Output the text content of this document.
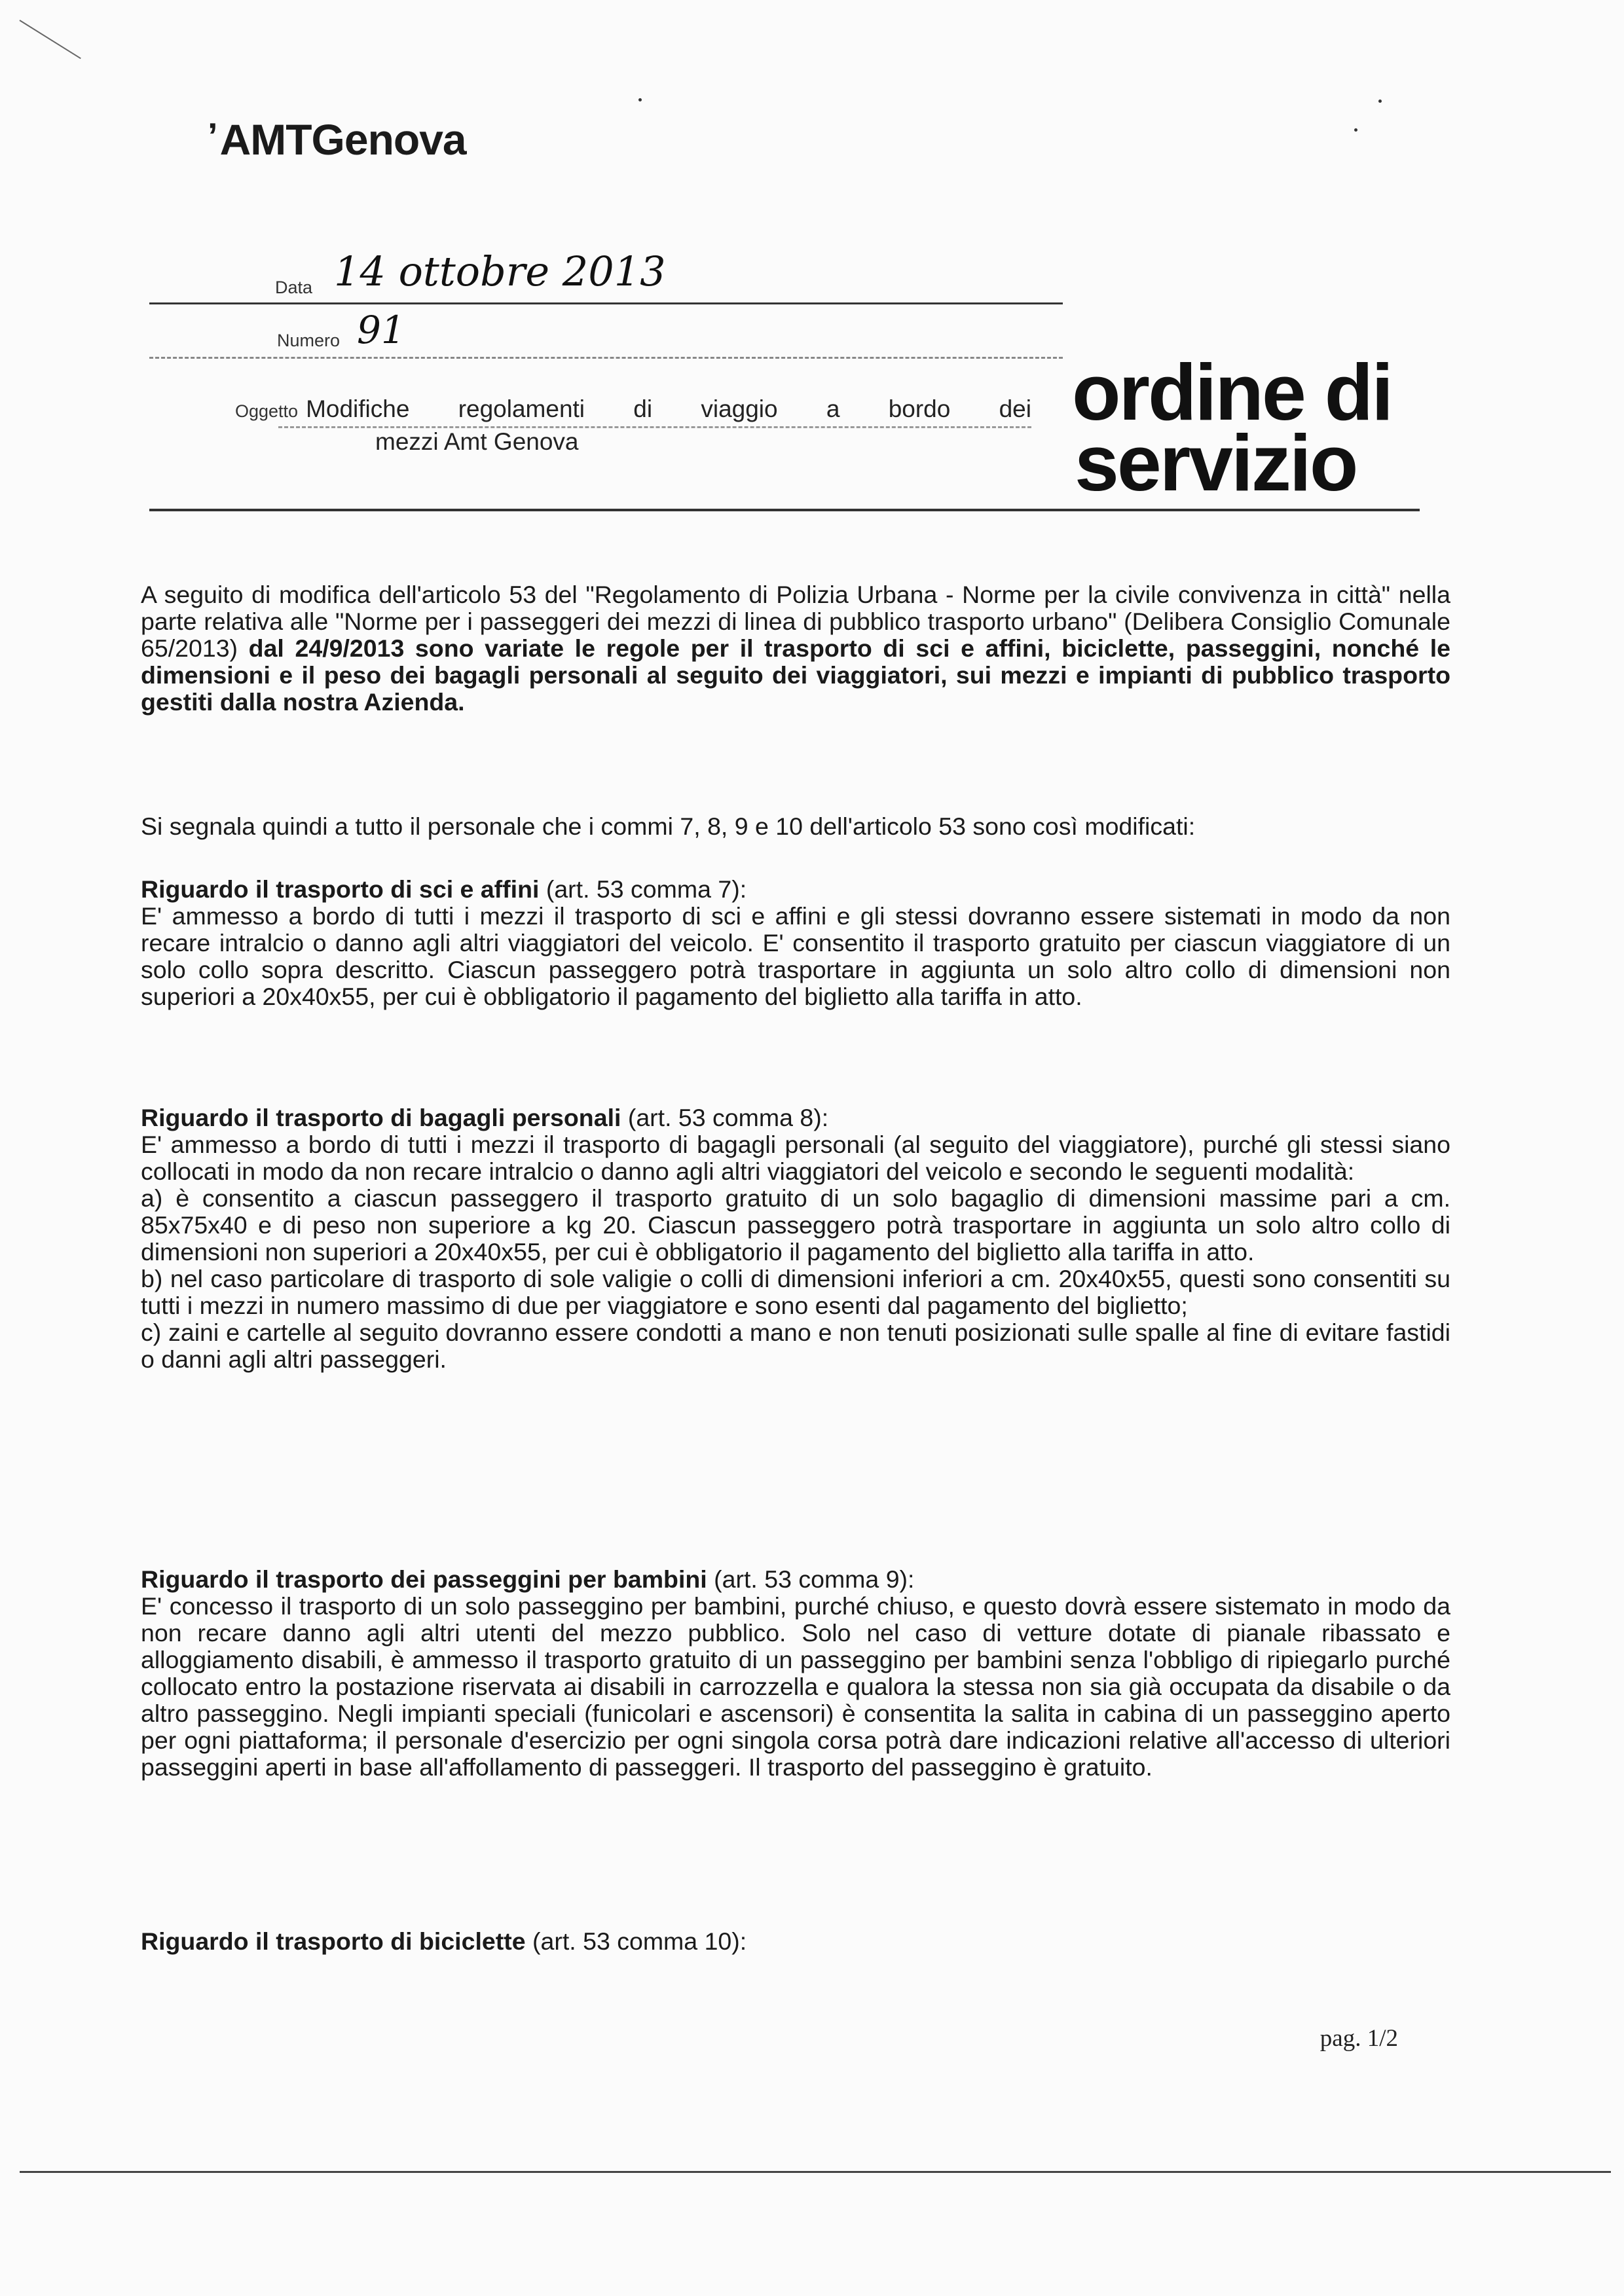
$^ʼ$AMTGenova
Data 14 ottobre 2013
Numero 91
Oggetto Modifiche regolamenti di viaggio a bordo dei
mezzi Amt Genova
ordine di
servizio

A seguito di modifica dell'articolo 53 del "Regolamento di Polizia Urbana - Norme per la civile convivenza in città" nella parte relativa alle "Norme per i passeggeri dei mezzi di linea di pubblico trasporto urbano" (Delibera Consiglio Comunale 65/2013) dal 24/9/2013 sono variate le regole per il trasporto di sci e affini, biciclette, passeggini, nonché le dimensioni e il peso dei bagagli personali al seguito dei viaggiatori, sui mezzi e impianti di pubblico trasporto gestiti dalla nostra Azienda.

Si segnala quindi a tutto il personale che i commi 7, 8, 9 e 10 dell'articolo 53 sono così modificati:

Riguardo il trasporto di sci e affini (art. 53 comma 7):

E' ammesso a bordo di tutti i mezzi il trasporto di sci e affini e gli stessi dovranno essere sistemati in modo da non recare intralcio o danno agli altri viaggiatori del veicolo. E' consentito il trasporto gratuito per ciascun viaggiatore di un solo collo sopra descritto. Ciascun passeggero potrà trasportare in aggiunta un solo altro collo di dimensioni non superiori a 20x40x55, per cui è obbligatorio il pagamento del biglietto alla tariffa in atto.

Riguardo il trasporto di bagagli personali (art. 53 comma 8):

E' ammesso a bordo di tutti i mezzi il trasporto di bagagli personali (al seguito del viaggiatore), purché gli stessi siano collocati in modo da non recare intralcio o danno agli altri viaggiatori del veicolo e secondo le seguenti modalità:

a) è consentito a ciascun passeggero il trasporto gratuito di un solo bagaglio di dimensioni massime pari a cm. 85x75x40 e di peso non superiore a kg 20. Ciascun passeggero potrà trasportare in aggiunta un solo altro collo di dimensioni non superiori a 20x40x55, per cui è obbligatorio il pagamento del biglietto alla tariffa in atto.

b) nel caso particolare di trasporto di sole valigie o colli di dimensioni inferiori a cm. 20x40x55, questi sono consentiti su tutti i mezzi in numero massimo di due per viaggiatore e sono esenti dal pagamento del biglietto;

c) zaini e cartelle al seguito dovranno essere condotti a mano e non tenuti posizionati sulle spalle al fine di evitare fastidi o danni agli altri passeggeri.

Riguardo il trasporto dei passeggini per bambini (art. 53 comma 9):

E' concesso il trasporto di un solo passeggino per bambini, purché chiuso, e questo dovrà essere sistemato in modo da non recare danno agli altri utenti del mezzo pubblico. Solo nel caso di vetture dotate di pianale ribassato e alloggiamento disabili, è ammesso il trasporto gratuito di un passeggino per bambini senza l'obbligo di ripiegarlo purché collocato entro la postazione riservata ai disabili in carrozzella e qualora la stessa non sia già occupata da disabile o da altro passeggino. Negli impianti speciali (funicolari e ascensori) è consentita la salita in cabina di un passeggino aperto per ogni piattaforma; il personale d'esercizio per ogni singola corsa potrà dare indicazioni relative all'accesso di ulteriori passeggini aperti in base all'affollamento di passeggeri. Il trasporto del passeggino è gratuito.

Riguardo il trasporto di biciclette (art. 53 comma 10):

pag. 1/2
